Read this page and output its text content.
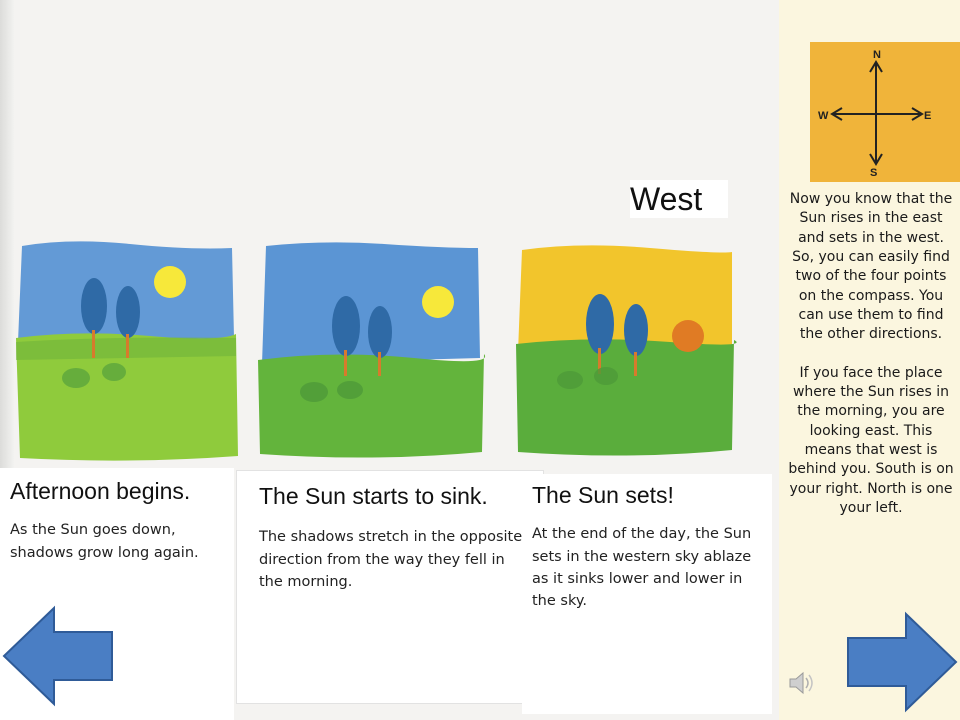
West
Afternoon begins.
As the Sun goes down, shadows grow long again.
The Sun starts to sink.
The shadows stretch in the opposite direction from the way they fell in the morning.
The Sun sets!
At the end of the day, the Sun sets in the western sky ablaze as it sinks lower and lower in the sky.
N
S
E
W
Now you know that the Sun rises in the east and sets in the west. So, you can easily find two of the four points on the compass. You can use them to find the other directions.

If you face the place where the Sun rises in the morning, you are looking east. This means that west is behind you. South is on your right. North is one your left.
